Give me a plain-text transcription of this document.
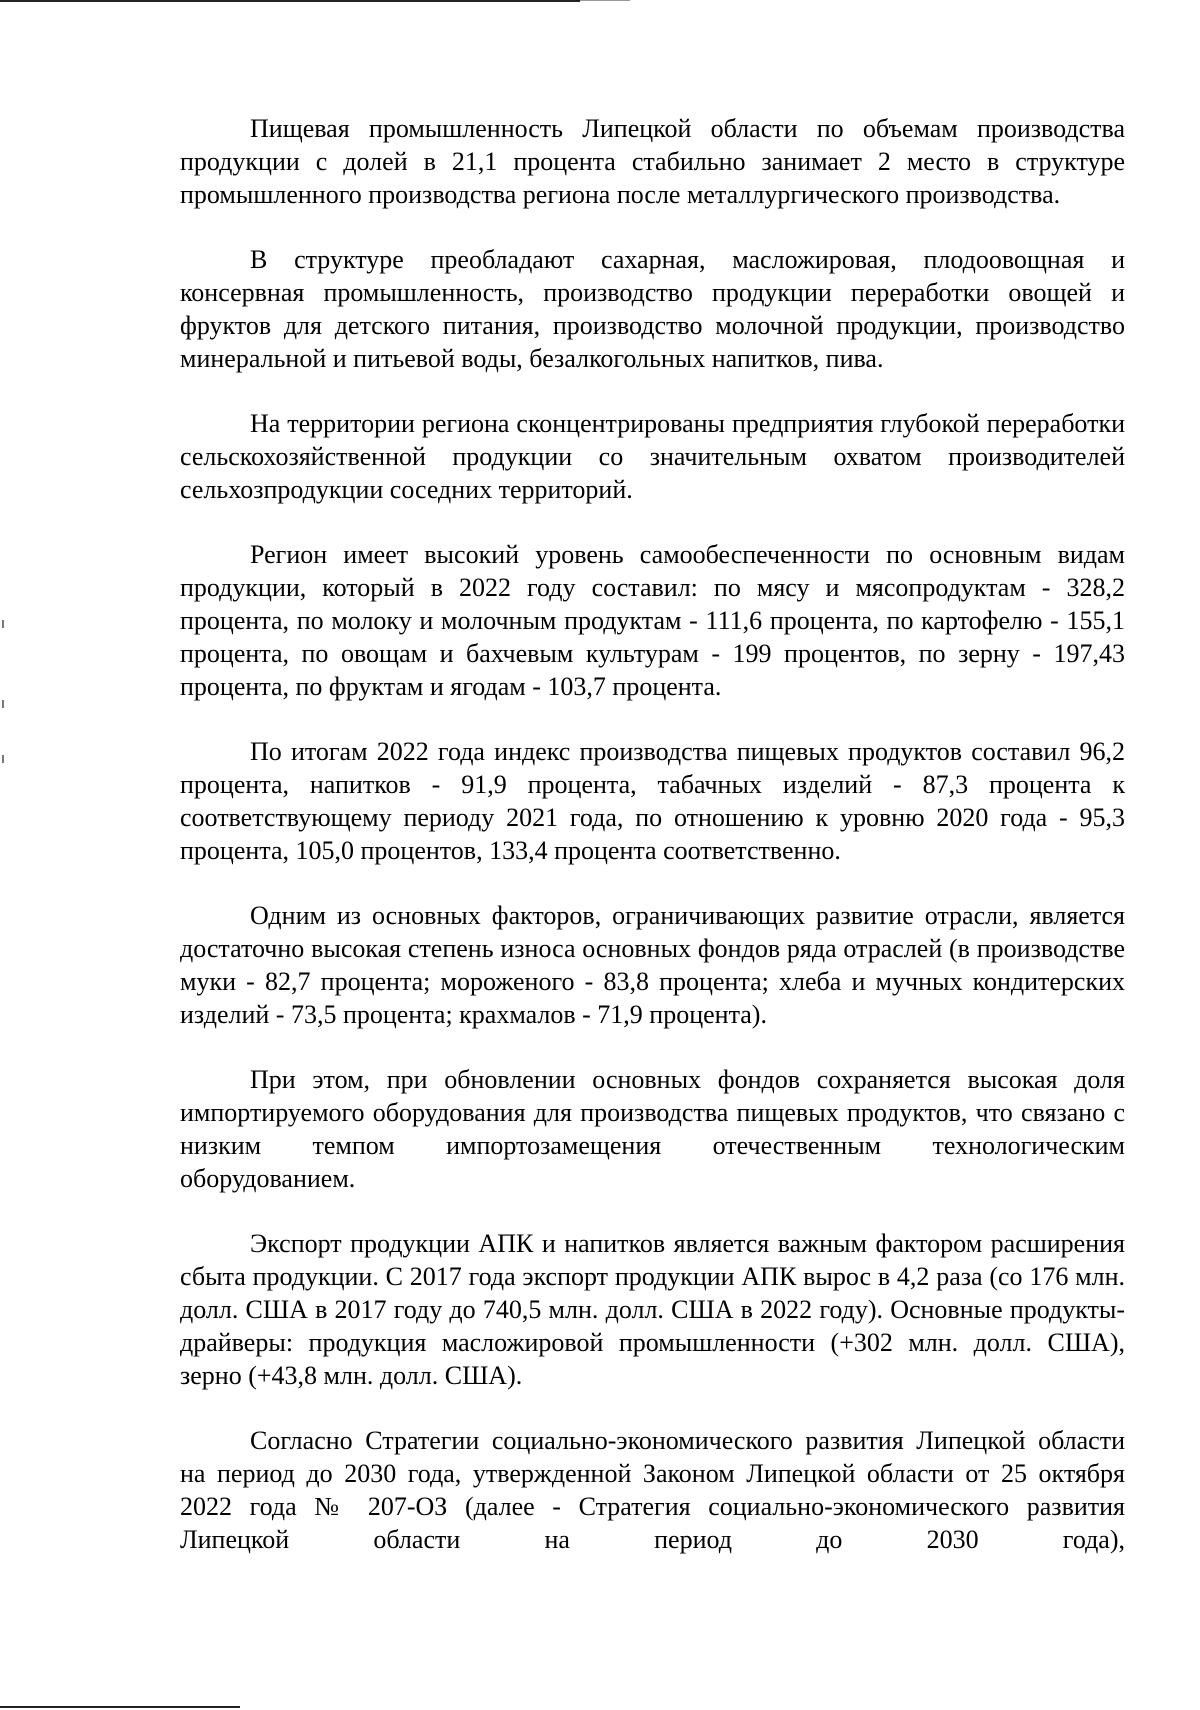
Пищевая промышленность Липецкой области по объемам производства продукции с долей в 21,1 процента стабильно занимает 2 место в структуре промышленного производства региона после металлургического производства.

В структуре преобладают сахарная, масложировая, плодоовощная и консервная промышленность, производство продукции переработки овощей и фруктов для детского питания, производство молочной продукции, производство минеральной и питьевой воды, безалкогольных напитков, пива.

На территории региона сконцентрированы предприятия глубокой переработки сельскохозяйственной продукции со значительным охватом производителей сельхозпродукции соседних территорий.

Регион имеет высокий уровень самообеспеченности по основным видам продукции, который в 2022 году составил: по мясу и мясопродуктам - 328,2 процента, по молоку и молочным продуктам - 111,6 процента, по картофелю - 155,1 процента, по овощам и бахчевым культурам - 199 процентов, по зерну - 197,43 процента, по фруктам и ягодам - 103,7 процента.

По итогам 2022 года индекс производства пищевых продуктов составил 96,2 процента, напитков - 91,9 процента, табачных изделий - 87,3 процента к соответствующему периоду 2021 года, по отношению к уровню 2020 года - 95,3 процента, 105,0 процентов, 133,4 процента соответственно.

Одним из основных факторов, ограничивающих развитие отрасли, является достаточно высокая степень износа основных фондов ряда отраслей (в производстве муки - 82,7 процента; мороженого - 83,8 процента; хлеба и мучных кондитерских изделий - 73,5 процента; крахмалов - 71,9 процента).

При этом, при обновлении основных фондов сохраняется высокая доля импортируемого оборудования для производства пищевых продуктов, что связано с низким темпом импортозамещения отечественным технологическим оборудованием.

Экспорт продукции АПК и напитков является важным фактором расширения сбыта продукции. С 2017 года экспорт продукции АПК вырос в 4,2 раза (со 176 млн. долл. США в 2017 году до 740,5 млн. долл. США в 2022 году). Основные продукты-драйверы: продукция масложировой промышленности (+302 млн. долл. США), зерно (+43,8 млн. долл. США).

Согласно Стратегии социально-экономического развития Липецкой области на период до 2030 года, утвержденной Законом Липецкой области от 25 октября 2022 года № 207-ОЗ (далее - Стратегия социально-экономического развития Липецкой области на период до 2030 года),
